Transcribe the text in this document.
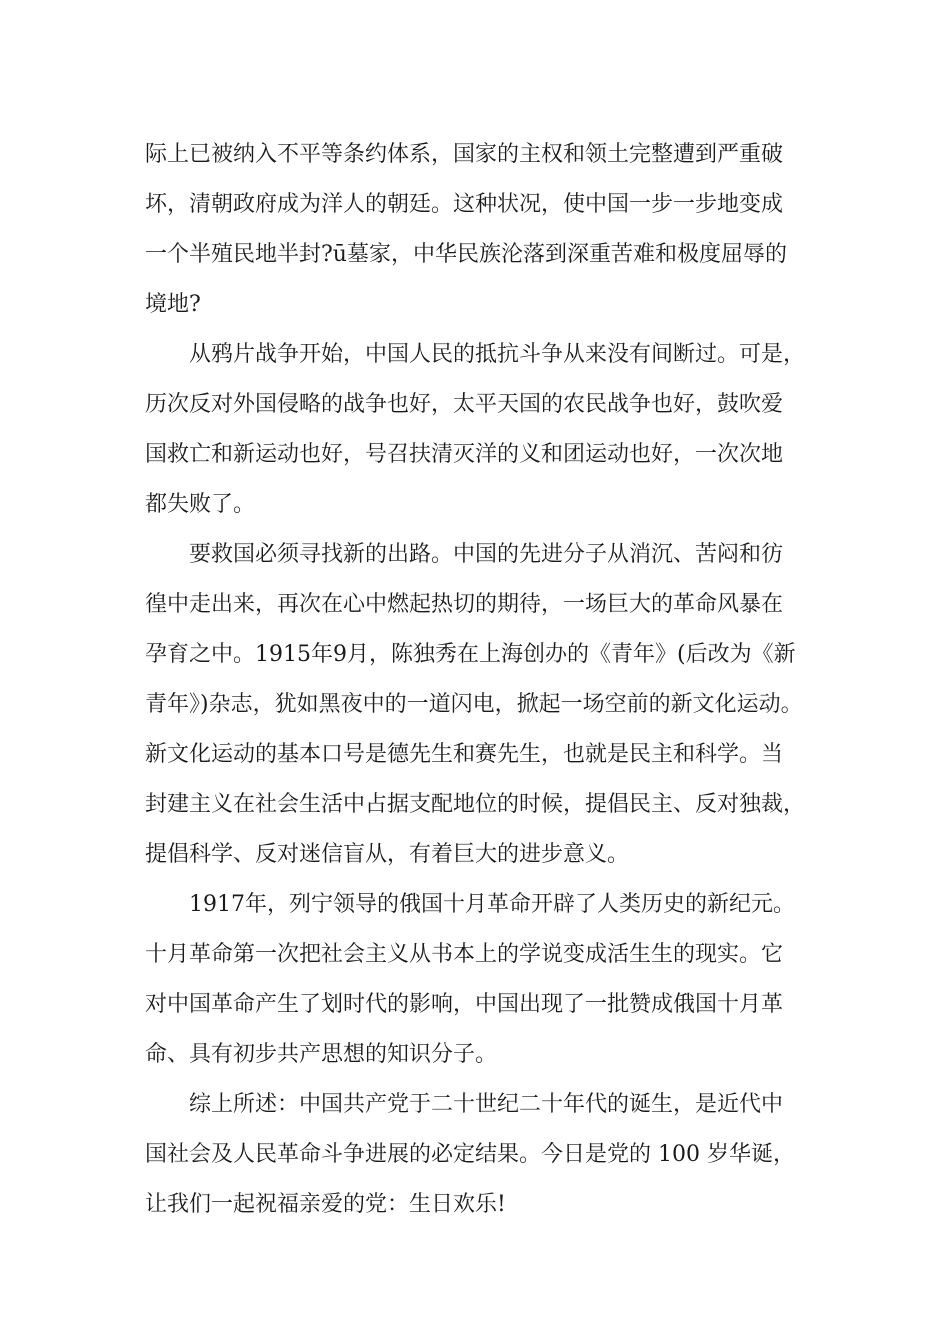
际上已被纳入不平等条约体系，国家的主权和领土完整遭到严重破
坏，清朝政府成为洋人的朝廷。这种状况，使中国一步一步地变成
一个半殖民地半封?ū墓家，中华民族沦落到深重苦难和极度屈辱的
境地?
从鸦片战争开始，中国人民的抵抗斗争从来没有间断过。可是，
历次反对外国侵略的战争也好，太平天国的农民战争也好，鼓吹爱
国救亡和新运动也好，号召扶清灭洋的义和团运动也好，一次次地
都失败了。
要救国必须寻找新的出路。中国的先进分子从消沉、苦闷和彷
徨中走出来，再次在心中燃起热切的期待，一场巨大的革命风暴在
孕育之中。1915年9月，陈独秀在上海创办的《青年》(后改为《新
青年》)杂志，犹如黑夜中的一道闪电，掀起一场空前的新文化运动。
新文化运动的基本口号是德先生和赛先生，也就是民主和科学。当
封建主义在社会生活中占据支配地位的时候，提倡民主、反对独裁，
提倡科学、反对迷信盲从，有着巨大的进步意义。
1917年，列宁领导的俄国十月革命开辟了人类历史的新纪元。
十月革命第一次把社会主义从书本上的学说变成活生生的现实。它
对中国革命产生了划时代的影响，中国出现了一批赞成俄国十月革
命、具有初步共产思想的知识分子。
综上所述：中国共产党于二十世纪二十年代的诞生，是近代中
国社会及人民革命斗争进展的必定结果。今日是党的 100 岁华诞，
让我们一起祝福亲爱的党：生日欢乐!
